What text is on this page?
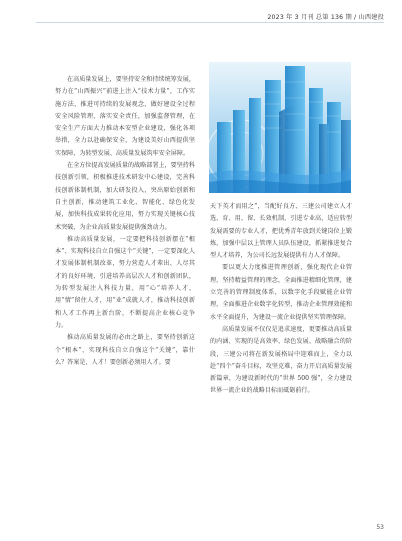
2023 年 3 月刊 总第 136 期 / 山西建投

在高质量发展上，要坚持安全和持续统筹发展，努力在“山西振兴”前进上注入“技术力量”，工作实施方法，推进可持续的发展观念，做好建设全过程安全风险管理，落实安全责任，加强监督管理，在安全生产方面大力推动本安型企业建设，强化各项举措，全力以赴确保安全，为建设美好山西提供坚实保障，为转型发展、高质量发展筑牢安全屏障。

在全方位提高发展质量的战略部署上，要坚持科技创新引领，积极推进技术研发中心建设，完善科技创新体制机制，加大研发投入，突出原始创新和自主创新，推动建筑工业化、智能化、绿色化发展，加快科技成果转化应用，努力实现关键核心技术突破，为企业高质量发展提供强劲动力。

推动高质量发展，一定要把科技创新摆在“根本”、实现科技自立自强这个“关键”，一定要深化人才发展体制机制改革，努力营造人才辈出、人尽其才的良好环境，引进培养高层次人才和创新团队，为转型发展注入科技力量，用“心”培养人才、用“情”留住人才，用“业”成就人才，推动科技创新和人才工作再上新台阶，不断提高企业核心竞争力。

推动高质量发展的必由之路上，要坚持创新这个“根本”，实现科技自立自强这个“关键”，靠什么？答案是，人才！要创新必须用人才。要

天下英才而用之”，当配好良方、三建公司建立人才选、育、用、留、长效机制，引进专业高、适应转型发展需要的专业人才，把优秀青年放到关键岗位上锻炼，加强中层以上管理人员队伍建设，抓紧推进复合型人才培养，为公司长远发展提供有力人才保障。

要以更大力度推进管理创新，强化现代企业管理，坚持精益管理的理念，全面推进精细化管理，建立完善的管理制度体系，以数字化手段赋能企业管理，全面推进企业数字化转型，推动企业管理效能和水平全面提升，为建设一流企业提供坚实管理保障。

高质量发展不仅仅是追求速度，更要推动高质量的内涵、实现的是高效率、绿色发展、战略融合的阶段，三建公司将在新发展格局中迎难而上，全力以赴“四个”奋斗目标，攻坚克难，奋力开启高质量发展新篇章，为建设新时代的“世界 500 强”，全力建设世界一流企业的战略目标而砥砺前行。

53
